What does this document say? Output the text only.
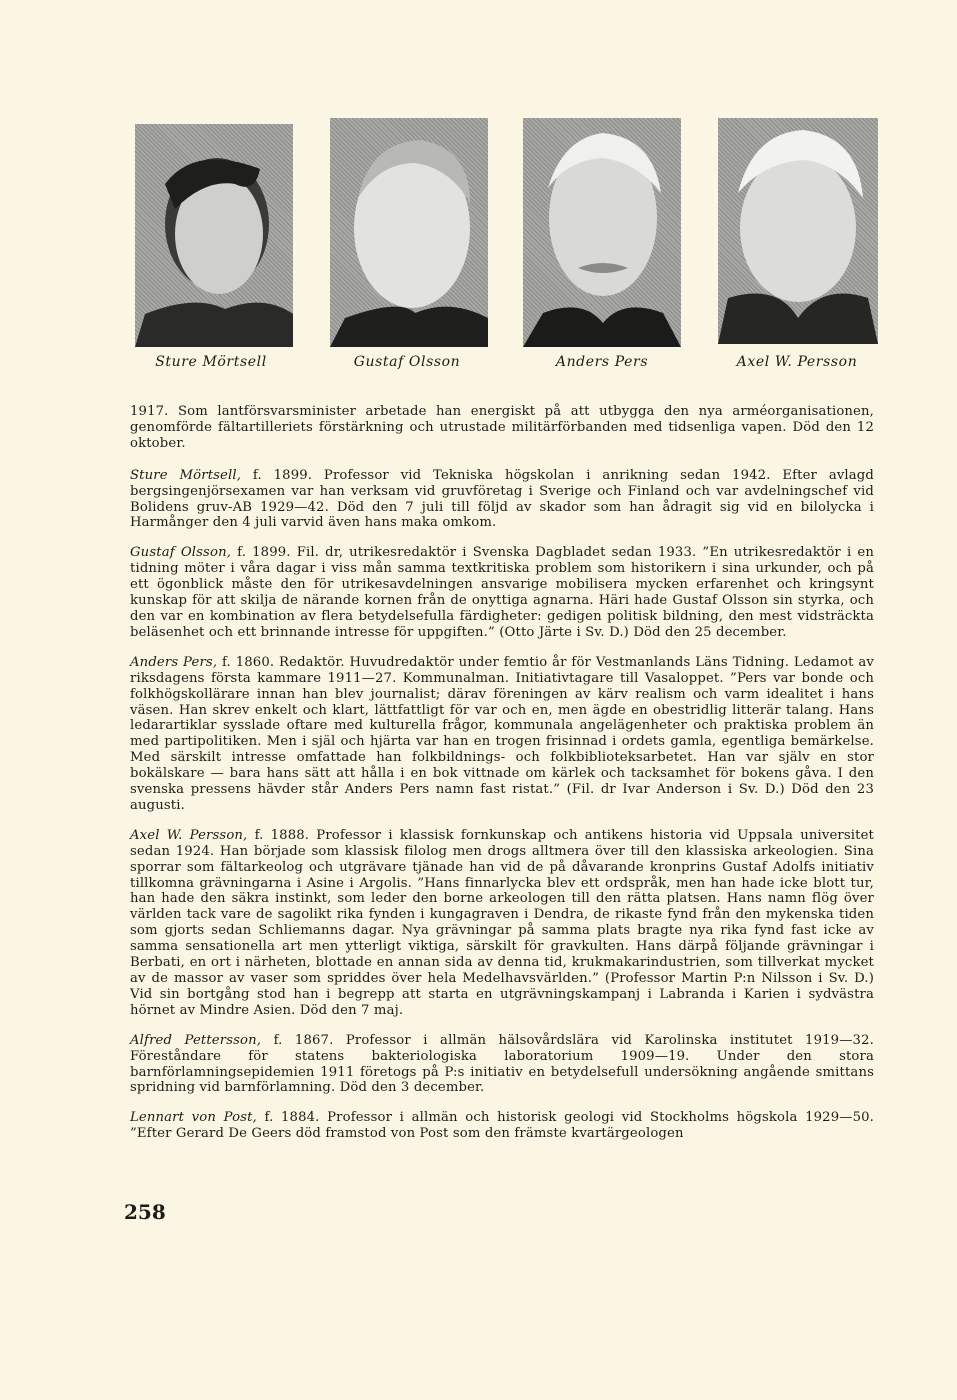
Sture Mörtsell	Gustaf Olsson	Anders Pers	Axel W. Persson

1917. Som lantförsvarsminister arbetade han energiskt på att utbygga den nya arméorganisationen, genomförde fältartilleriets förstärkning och utrustade militärförbanden med tidsenliga vapen. Död den 12 oktober.

Sture Mörtsell, f. 1899. Professor vid Tekniska högskolan i anrikning sedan 1942. Efter avlagd bergsingenjörsexamen var han verksam vid gruvföretag i Sverige och Finland och var avdelningschef vid Bolidens gruv-AB 1929—42. Död den 7 juli till följd av skador som han ådragit sig vid en bilolycka i Harmånger den 4 juli varvid även hans maka omkom.

Gustaf Olsson, f. 1899. Fil. dr, utrikesredaktör i Svenska Dagbladet sedan 1933. ”En utrikesredaktör i en tidning möter i våra dagar i viss mån samma textkritiska problem som historikern i sina urkunder, och på ett ögonblick måste den för utrikesavdelningen ansvarige mobilisera mycken erfarenhet och kringsynt kunskap för att skilja de närande kornen från de onyttiga agnarna. Häri hade Gustaf Olsson sin styrka, och den var en kombination av flera betydelsefulla färdigheter: gedigen politisk bildning, den mest vidsträckta beläsenhet och ett brinnande intresse för uppgiften.” (Otto Järte i Sv. D.) Död den 25 december.

Anders Pers, f. 1860. Redaktör. Huvudredaktör under femtio år för Vestmanlands Läns Tidning. Ledamot av riksdagens första kammare 1911—27. Kommunalman. Initiativtagare till Vasaloppet. ”Pers var bonde och folkhögskollärare innan han blev journalist; därav föreningen av kärv realism och varm idealitet i hans väsen. Han skrev enkelt och klart, lättfattligt för var och en, men ägde en obestridlig litterär talang. Hans ledarartiklar sysslade oftare med kulturella frågor, kommunala angelägenheter och praktiska problem än med partipolitiken. Men i själ och hjärta var han en trogen frisinnad i ordets gamla, egentliga bemärkelse. Med särskilt intresse omfattade han folkbildnings- och folkbiblioteksarbetet. Han var själv en stor bokälskare — bara hans sätt att hålla i en bok vittnade om kärlek och tacksamhet för bokens gåva. I den svenska pressens hävder står Anders Pers namn fast ristat.” (Fil. dr Ivar Anderson i Sv. D.) Död den 23 augusti.

Axel W. Persson, f. 1888. Professor i klassisk fornkunskap och antikens historia vid Uppsala universitet sedan 1924. Han började som klassisk filolog men drogs alltmera över till den klassiska arkeologien. Sina sporrar som fältarkeolog och utgrävare tjänade han vid de på dåvarande kronprins Gustaf Adolfs initiativ tillkomna grävningarna i Asine i Argolis. ”Hans finnarlycka blev ett ordspråk, men han hade icke blott tur, han hade den säkra instinkt, som leder den borne arkeologen till den rätta platsen. Hans namn flög över världen tack vare de sagolikt rika fynden i kungagraven i Dendra, de rikaste fynd från den mykenska tiden som gjorts sedan Schliemanns dagar. Nya grävningar på samma plats bragte nya rika fynd fast icke av samma sensationella art men ytterligt viktiga, särskilt för gravkulten. Hans därpå följande grävningar i Berbati, en ort i närheten, blottade en annan sida av denna tid, krukmakarindustrien, som tillverkat mycket av de massor av vaser som spriddes över hela Medelhavsvärlden.” (Professor Martin P:n Nilsson i Sv. D.) Vid sin bortgång stod han i begrepp att starta en utgrävningskampanj i Labranda i Karien i sydvästra hörnet av Mindre Asien. Död den 7 maj.

Alfred Pettersson, f. 1867. Professor i allmän hälsovårdslära vid Karolinska institutet 1919—32. Föreståndare för statens bakteriologiska laboratorium 1909—19. Under den stora barnförlamningsepidemien 1911 företogs på P:s initiativ en betydelsefull undersökning angående smittans spridning vid barnförlamning. Död den 3 december.

Lennart von Post, f. 1884. Professor i allmän och historisk geologi vid Stockholms högskola 1929—50. ”Efter Gerard De Geers död framstod von Post som den främste kvartärgeologen

258
